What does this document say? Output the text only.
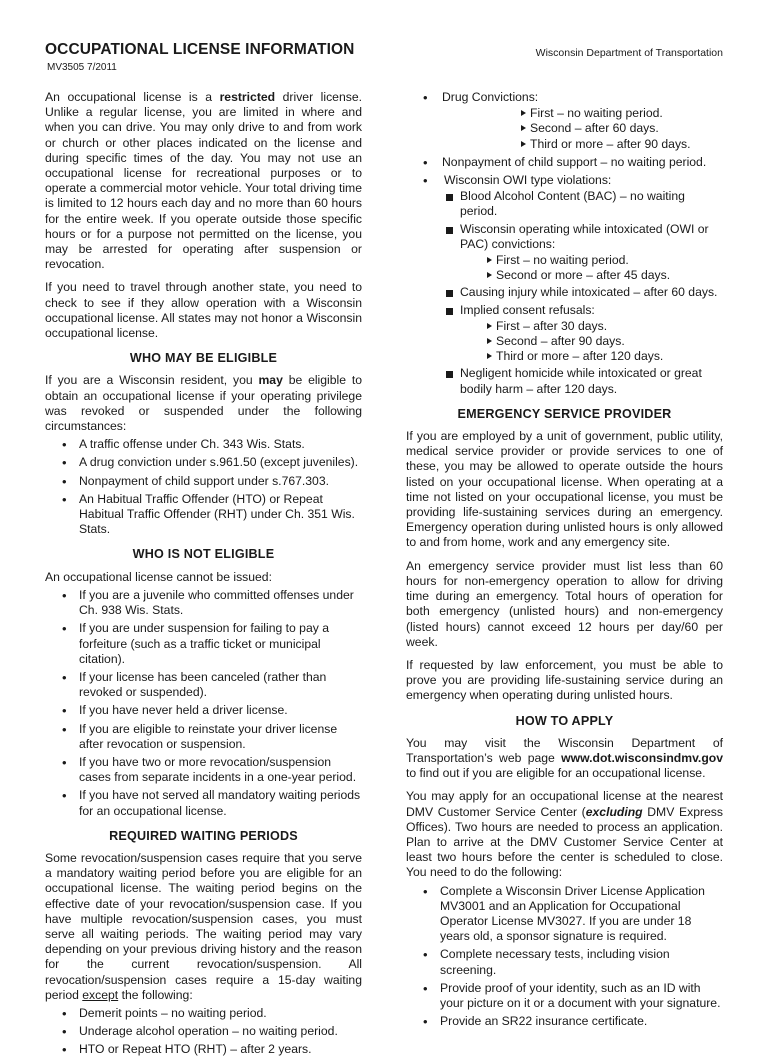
OCCUPATIONAL LICENSE INFORMATION
MV3505 7/2011
Wisconsin Department of Transportation

An occupational license is a restricted driver license. Unlike a regular license, you are limited in where and when you can drive. You may only drive to and from work or church or other places indicated on the license and during specific times of the day. You may not use an occupational license for recreational purposes or to operate a commercial motor vehicle. Your total driving time is limited to 12 hours each day and no more than 60 hours for the entire week. If you operate outside those specific hours or for a purpose not permitted on the license, you may be arrested for operating after suspension or revocation.

If you need to travel through another state, you need to check to see if they allow operation with a Wisconsin occupational license. All states may not honor a Wisconsin occupational license.

WHO MAY BE ELIGIBLE

If you are a Wisconsin resident, you may be eligible to obtain an occupational license if your operating privilege was revoked or suspended under the following circumstances:

• A traffic offense under Ch. 343 Wis. Stats.
• A drug conviction under s.961.50 (except juveniles).
• Nonpayment of child support under s.767.303.
• An Habitual Traffic Offender (HTO) or Repeat Habitual Traffic Offender (RHT) under Ch. 351 Wis. Stats.
WHO IS NOT ELIGIBLE

An occupational license cannot be issued:

• If you are a juvenile who committed offenses under Ch. 938 Wis. Stats.
• If you are under suspension for failing to pay a forfeiture (such as a traffic ticket or municipal citation).
• If your license has been canceled (rather than revoked or suspended).
• If you have never held a driver license.
• If you are eligible to reinstate your driver license after revocation or suspension.
• If you have two or more revocation/suspension cases from separate incidents in a one-year period.
• If you have not served all mandatory waiting periods for an occupational license.
REQUIRED WAITING PERIODS

Some revocation/suspension cases require that you serve a mandatory waiting period before you are eligible for an occupational license. The waiting period begins on the effective date of your revocation/suspension case. If you have multiple revocation/suspension cases, you must serve all waiting periods. The waiting period may vary depending on your previous driving history and the reason for the current revocation/suspension. All revocation/suspension cases require a 15-day waiting period except the following:

• Demerit points – no waiting period.
• Underage alcohol operation – no waiting period.
• HTO or Repeat HTO (RHT) – after 2 years.
• Drug Convictions:
First – no waiting period.
Second – after 60 days.
Third or more – after 90 days.
• Nonpayment of child support – no waiting period.
• Wisconsin OWI type violations:
Blood Alcohol Content (BAC) – no waiting period.
Wisconsin operating while intoxicated (OWI or PAC) convictions:
First – no waiting period.
Second or more – after 45 days.
Causing injury while intoxicated – after 60 days.
Implied consent refusals:
First – after 30 days.
Second – after 90 days.
Third or more – after 120 days.
Negligent homicide while intoxicated or great bodily harm – after 120 days.
EMERGENCY SERVICE PROVIDER

If you are employed by a unit of government, public utility, medical service provider or provide services to one of these, you may be allowed to operate outside the hours listed on your occupational license. When operating at a time not listed on your occupational license, you must be providing life-sustaining services during an emergency. Emergency operation during unlisted hours is only allowed to and from home, work and any emergency site.

An emergency service provider must list less than 60 hours for non-emergency operation to allow for driving time during an emergency. Total hours of operation for both emergency (unlisted hours) and non-emergency (listed hours) cannot exceed 12 hours per day/60 per week.

If requested by law enforcement, you must be able to prove you are providing life-sustaining service during an emergency when operating during unlisted hours.

HOW TO APPLY

You may visit the Wisconsin Department of Transportation’s web page www.dot.wisconsindmv.gov to find out if you are eligible for an occupational license.

You may apply for an occupational license at the nearest DMV Customer Service Center (excluding DMV Express Offices). Two hours are needed to process an application. Plan to arrive at the DMV Customer Service Center at least two hours before the center is scheduled to close. You need to do the following:

• Complete a Wisconsin Driver License Application MV3001 and an Application for Occupational Operator License MV3027. If you are under 18 years old, a sponsor signature is required.
• Complete necessary tests, including vision screening.
• Provide proof of your identity, such as an ID with your picture on it or a document with your signature.
• Provide an SR22 insurance certificate.
